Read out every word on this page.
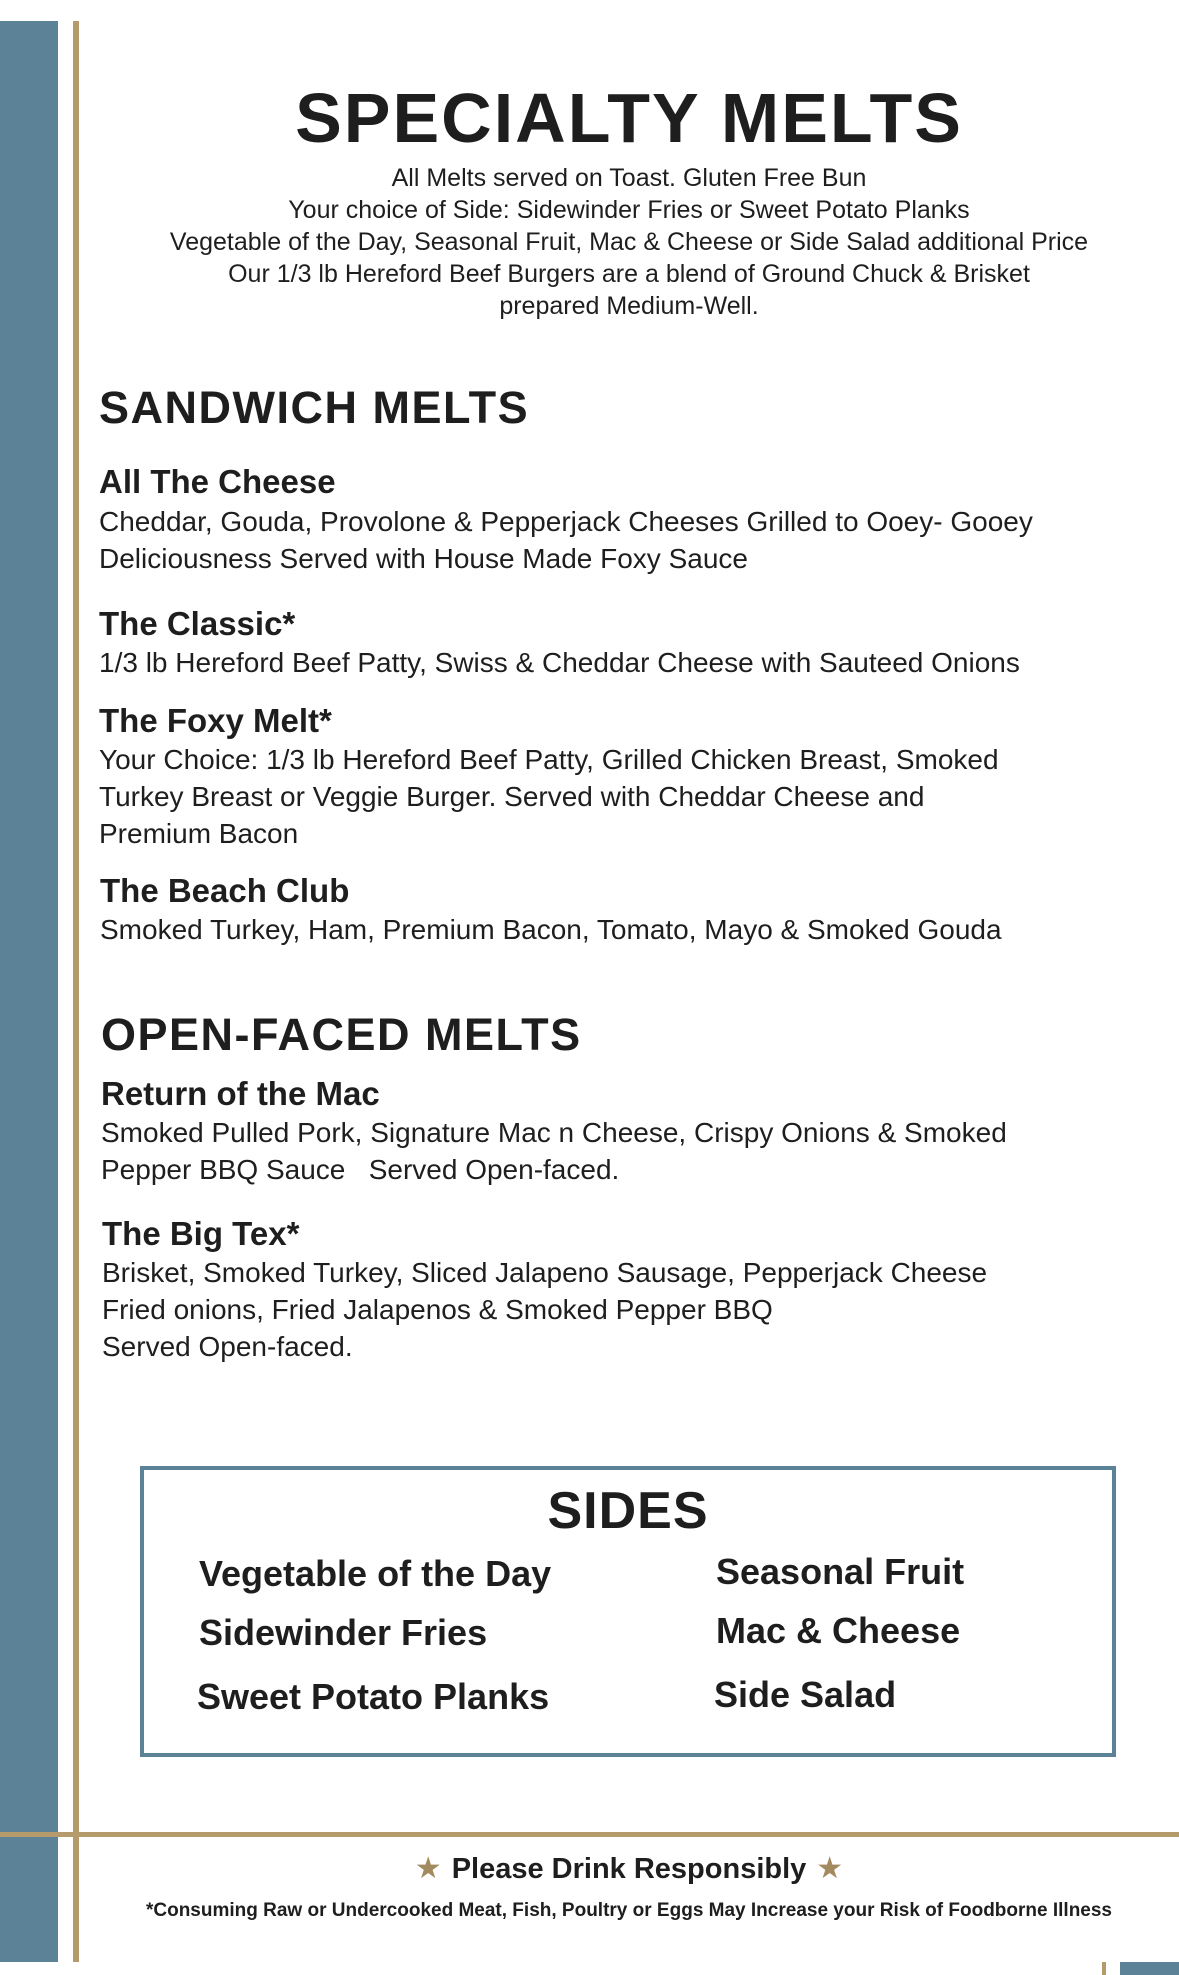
SPECIALTY MELTS
All Melts served on Toast. Gluten Free Bun
Your choice of Side: Sidewinder Fries or Sweet Potato Planks
Vegetable of the Day, Seasonal Fruit, Mac & Cheese or Side Salad additional Price
Our 1/3 lb Hereford Beef Burgers are a blend of Ground Chuck & Brisket
prepared Medium-Well.
SANDWICH MELTS
All The Cheese
Cheddar, Gouda, Provolone & Pepperjack Cheeses Grilled to Ooey- Gooey
Deliciousness Served with House Made Foxy Sauce
The Classic*
1/3 lb Hereford Beef Patty, Swiss & Cheddar Cheese with Sauteed Onions
The Foxy Melt*
Your Choice: 1/3 lb Hereford Beef Patty, Grilled Chicken Breast, Smoked
Turkey Breast or Veggie Burger. Served with Cheddar Cheese and
Premium Bacon
The Beach Club
Smoked Turkey, Ham, Premium Bacon, Tomato, Mayo & Smoked Gouda
OPEN-FACED MELTS
Return of the Mac
Smoked Pulled Pork, Signature Mac n Cheese, Crispy Onions & Smoked
Pepper BBQ Sauce   Served Open-faced.
The Big Tex*
Brisket, Smoked Turkey, Sliced Jalapeno Sausage, Pepperjack Cheese
Fried onions, Fried Jalapenos & Smoked Pepper BBQ
Served Open-faced.
SIDES
Vegetable of the Day
Sidewinder Fries
Sweet Potato Planks
Seasonal Fruit
Mac & Cheese
Side Salad
★ Please Drink Responsibly ★
*Consuming Raw or Undercooked Meat, Fish, Poultry or Eggs May Increase your Risk of Foodborne Illness
